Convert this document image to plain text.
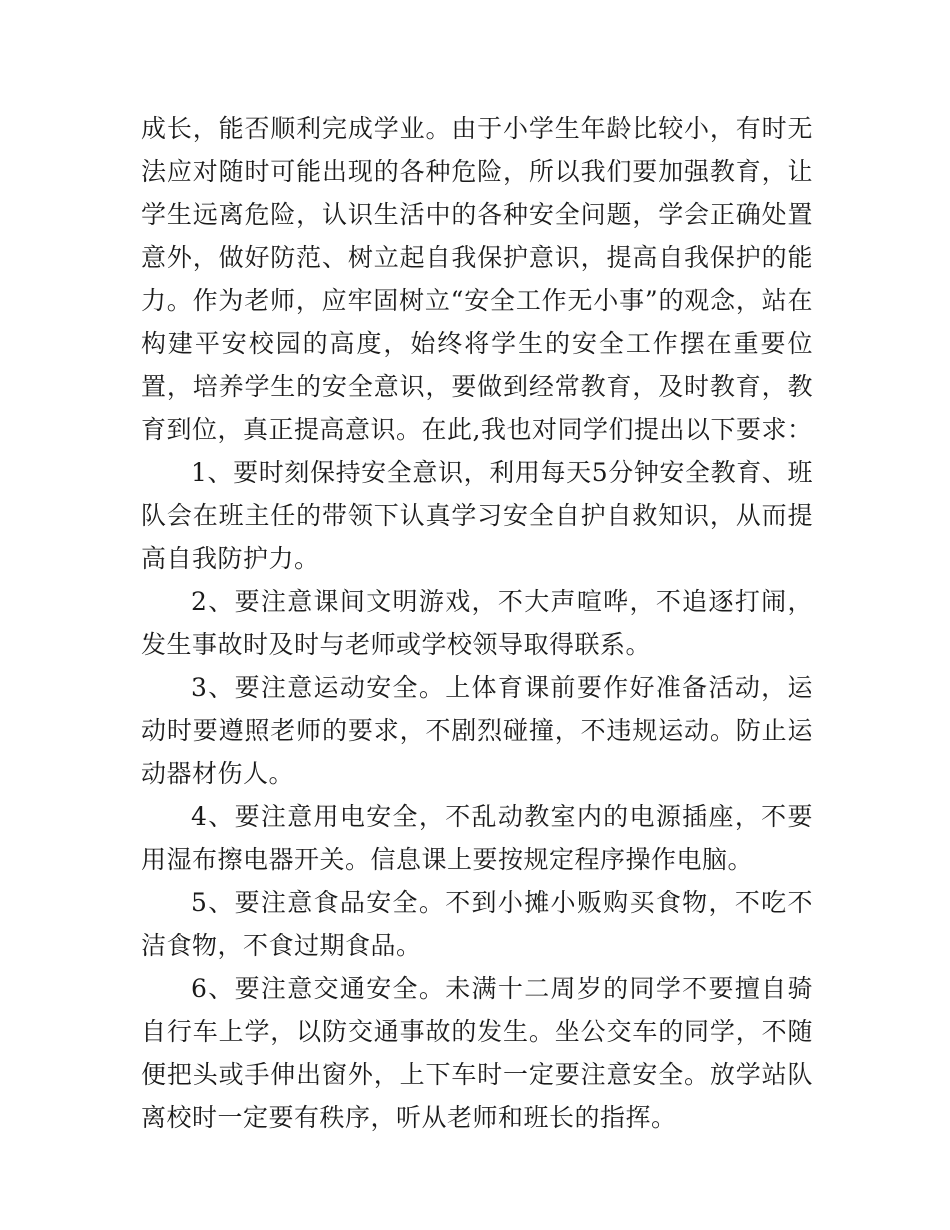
成长，能否顺利完成学业。由于小学生年龄比较小，有时无法应对随时可能出现的各种危险，所以我们要加强教育，让学生远离危险，认识生活中的各种安全问题，学会正确处置意外，做好防范、树立起自我保护意识，提高自我保护的能力。作为老师，应牢固树立“安全工作无小事”的观念，站在构建平安校园的高度，始终将学生的安全工作摆在重要位置，培养学生的安全意识，要做到经常教育，及时教育，教育到位，真正提高意识。在此,我也对同学们提出以下要求：

1、要时刻保持安全意识，利用每天5分钟安全教育、班队会在班主任的带领下认真学习安全自护自救知识，从而提高自我防护力。

2、要注意课间文明游戏，不大声喧哗，不追逐打闹，发生事故时及时与老师或学校领导取得联系。

3、要注意运动安全。上体育课前要作好准备活动，运动时要遵照老师的要求，不剧烈碰撞，不违规运动。防止运动器材伤人。

4、要注意用电安全，不乱动教室内的电源插座，不要用湿布擦电器开关。信息课上要按规定程序操作电脑。

5、要注意食品安全。不到小摊小贩购买食物，不吃不洁食物，不食过期食品。

6、要注意交通安全。未满十二周岁的同学不要擅自骑自行车上学，以防交通事故的发生。坐公交车的同学，不随便把头或手伸出窗外，上下车时一定要注意安全。放学站队离校时一定要有秩序，听从老师和班长的指挥。
